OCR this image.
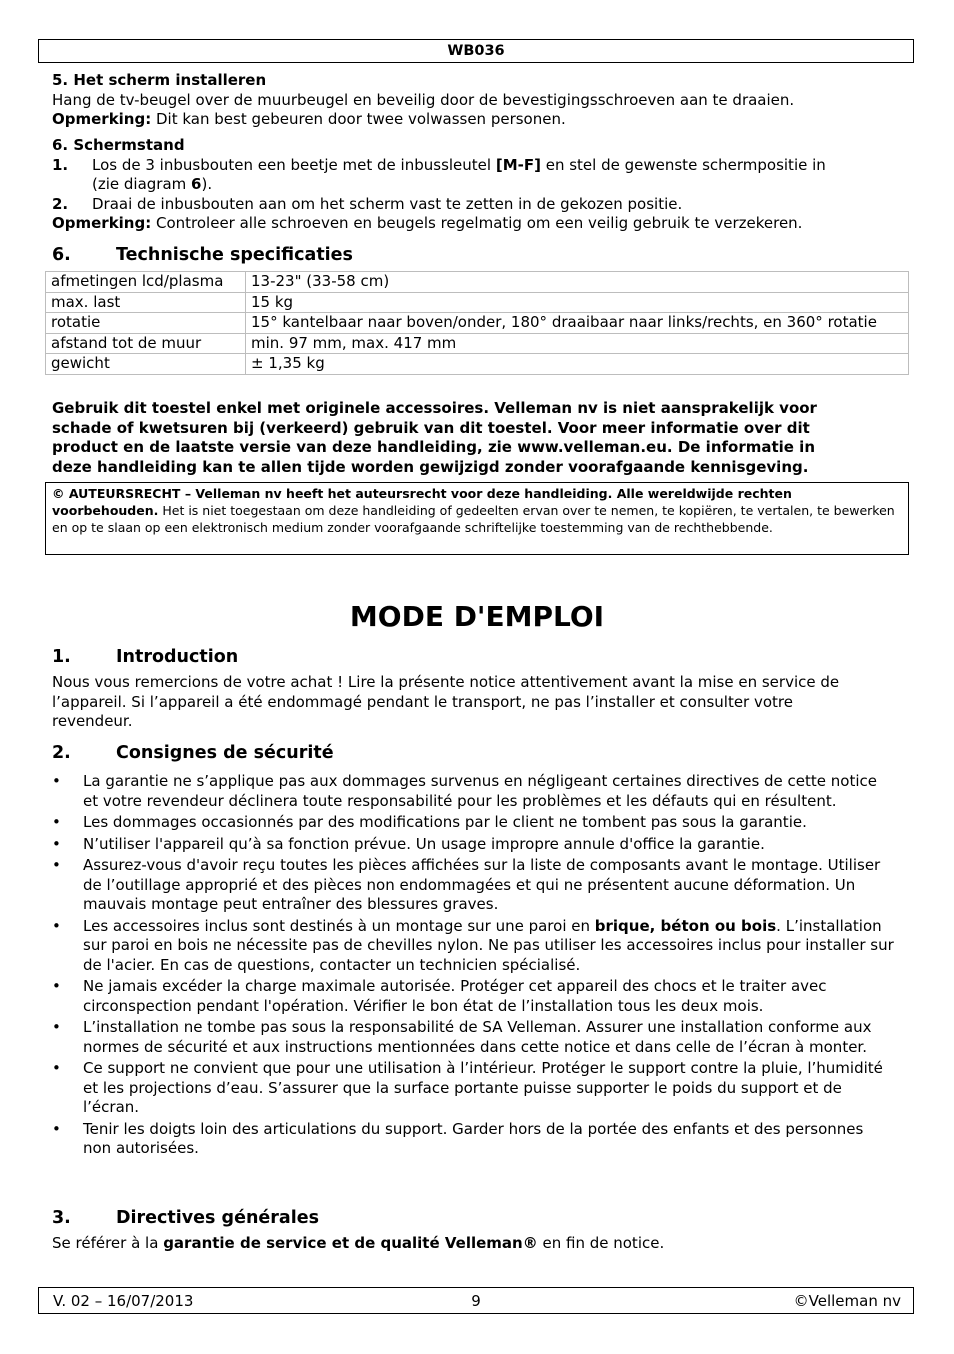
WB036
5. Het scherm installeren
Hang de tv-beugel over de muurbeugel en beveilig door de bevestigingsschroeven aan te draaien.
Opmerking: Dit kan best gebeuren door twee volwassen personen.
6. Schermstand
1.	Los de 3 inbusbouten een beetje met de inbussleutel [M-F] en stel de gewenste schermpositie in
(zie diagram 6).
2.	Draai de inbusbouten aan om het scherm vast te zetten in de gekozen positie.
Opmerking: Controleer alle schroeven en beugels regelmatig om een veilig gebruik te verzekeren.
6.	Technische specificaties
afmetingen lcd/plasma	13-23" (33-58 cm)
max. last	15 kg
rotatie	15° kantelbaar naar boven/onder, 180° draaibaar naar links/rechts, en 360° rotatie
afstand tot de muur	min. 97 mm, max. 417 mm
gewicht	± 1,35 kg
Gebruik dit toestel enkel met originele accessoires. Velleman nv is niet aansprakelijk voor
schade of kwetsuren bij (verkeerd) gebruik van dit toestel. Voor meer informatie over dit
product en de laatste versie van deze handleiding, zie www.velleman.eu. De informatie in
deze handleiding kan te allen tijde worden gewijzigd zonder voorafgaande kennisgeving.
© AUTEURSRECHT – Velleman nv heeft het auteursrecht voor deze handleiding. Alle wereldwijde rechten
voorbehouden. Het is niet toegestaan om deze handleiding of gedeelten ervan over te nemen, te kopiëren, te vertalen, te bewerken en op te slaan op een elektronisch medium zonder voorafgaande schriftelijke toestemming van de rechthebbende.
MODE D'EMPLOI
1.	Introduction
Nous vous remercions de votre achat ! Lire la présente notice attentivement avant la mise en service de
l’appareil. Si l’appareil a été endommagé pendant le transport, ne pas l’installer et consulter votre
revendeur.
2.	Consignes de sécurité
• La garantie ne s’applique pas aux dommages survenus en négligeant certaines directives de cette notice et votre revendeur déclinera toute responsabilité pour les problèmes et les défauts qui en résultent.
• Les dommages occasionnés par des modifications par le client ne tombent pas sous la garantie.
• N’utiliser l'appareil qu’à sa fonction prévue. Un usage impropre annule d'office la garantie.
• Assurez-vous d'avoir reçu toutes les pièces affichées sur la liste de composants avant le montage. Utiliser de l’outillage approprié et des pièces non endommagées et qui ne présentent aucune déformation. Un mauvais montage peut entraîner des blessures graves.
• Les accessoires inclus sont destinés à un montage sur une paroi en brique, béton ou bois. L’installation sur paroi en bois ne nécessite pas de chevilles nylon. Ne pas utiliser les accessoires inclus pour installer sur de l'acier. En cas de questions, contacter un technicien spécialisé.
• Ne jamais excéder la charge maximale autorisée. Protéger cet appareil des chocs et le traiter avec circonspection pendant l'opération. Vérifier le bon état de l’installation tous les deux mois.
• L’installation ne tombe pas sous la responsabilité de SA Velleman. Assurer une installation conforme aux normes de sécurité et aux instructions mentionnées dans cette notice et dans celle de l’écran à monter.
• Ce support ne convient que pour une utilisation à l’intérieur. Protéger le support contre la pluie, l’humidité et les projections d’eau. S’assurer que la surface portante puisse supporter le poids du support et de l’écran.
• Tenir les doigts loin des articulations du support. Garder hors de la portée des enfants et des personnes non autorisées.
3.	Directives générales
Se référer à la garantie de service et de qualité Velleman® en fin de notice.
V. 02 – 16/07/2013	9	©Velleman nv
